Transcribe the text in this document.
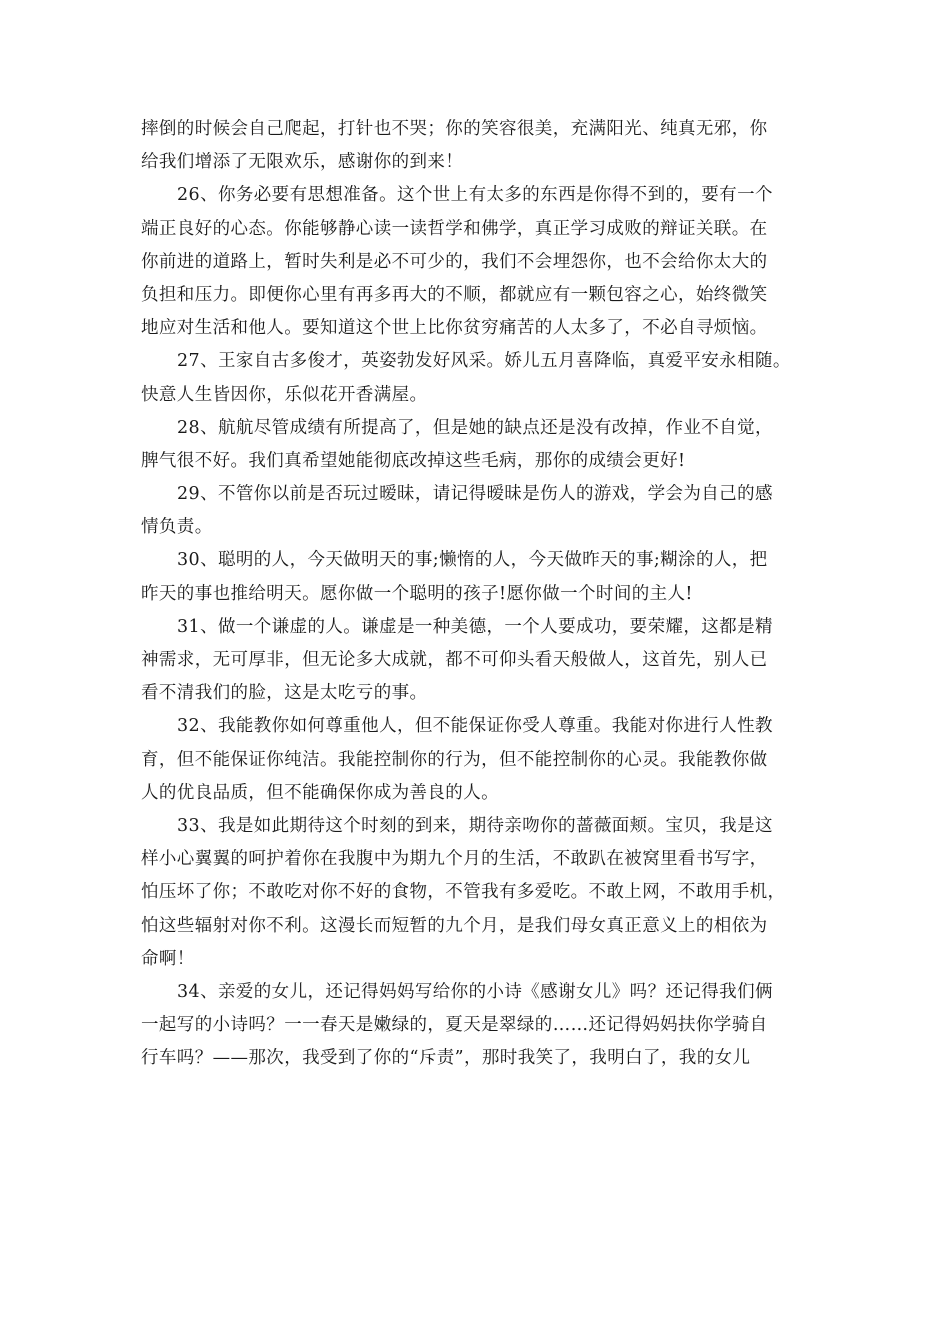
摔倒的时候会自己爬起，打针也不哭；你的笑容很美，充满阳光、纯真无邪，你
给我们增添了无限欢乐，感谢你的到来！
26、你务必要有思想准备。这个世上有太多的东西是你得不到的，要有一个
端正良好的心态。你能够静心读一读哲学和佛学，真正学习成败的辩证关联。在
你前进的道路上，暂时失利是必不可少的，我们不会埋怨你，也不会给你太大的
负担和压力。即便你心里有再多再大的不顺，都就应有一颗包容之心，始终微笑
地应对生活和他人。要知道这个世上比你贫穷痛苦的人太多了，不必自寻烦恼。
27、王家自古多俊才，英姿勃发好风采。娇儿五月喜降临，真爱平安永相随。
快意人生皆因你，乐似花开香满屋。
28、航航尽管成绩有所提高了，但是她的缺点还是没有改掉，作业不自觉，
脾气很不好。我们真希望她能彻底改掉这些毛病，那你的成绩会更好!
29、不管你以前是否玩过暧昧，请记得暧昧是伤人的游戏，学会为自己的感
情负责。
30、聪明的人，今天做明天的事;懒惰的人，今天做昨天的事;糊涂的人，把
昨天的事也推给明天。愿你做一个聪明的孩子!愿你做一个时间的主人!
31、做一个谦虚的人。谦虚是一种美德，一个人要成功，要荣耀，这都是精
神需求，无可厚非，但无论多大成就，都不可仰头看天般做人，这首先，别人已
看不清我们的脸，这是太吃亏的事。
32、我能教你如何尊重他人，但不能保证你受人尊重。我能对你进行人性教
育，但不能保证你纯洁。我能控制你的行为，但不能控制你的心灵。我能教你做
人的优良品质，但不能确保你成为善良的人。
33、我是如此期待这个时刻的到来，期待亲吻你的蔷薇面颊。宝贝，我是这
样小心翼翼的呵护着你在我腹中为期九个月的生活，不敢趴在被窝里看书写字，
怕压坏了你；不敢吃对你不好的食物，不管我有多爱吃。不敢上网，不敢用手机，
怕这些辐射对你不利。这漫长而短暂的九个月，是我们母女真正意义上的相依为
命啊！
34、亲爱的女儿，还记得妈妈写给你的小诗《感谢女儿》吗？还记得我们俩
一起写的小诗吗？一一春天是嫩绿的，夏天是翠绿的……还记得妈妈扶你学骑自
行车吗？——那次，我受到了你的“斥责”，那时我笑了，我明白了，我的女儿
